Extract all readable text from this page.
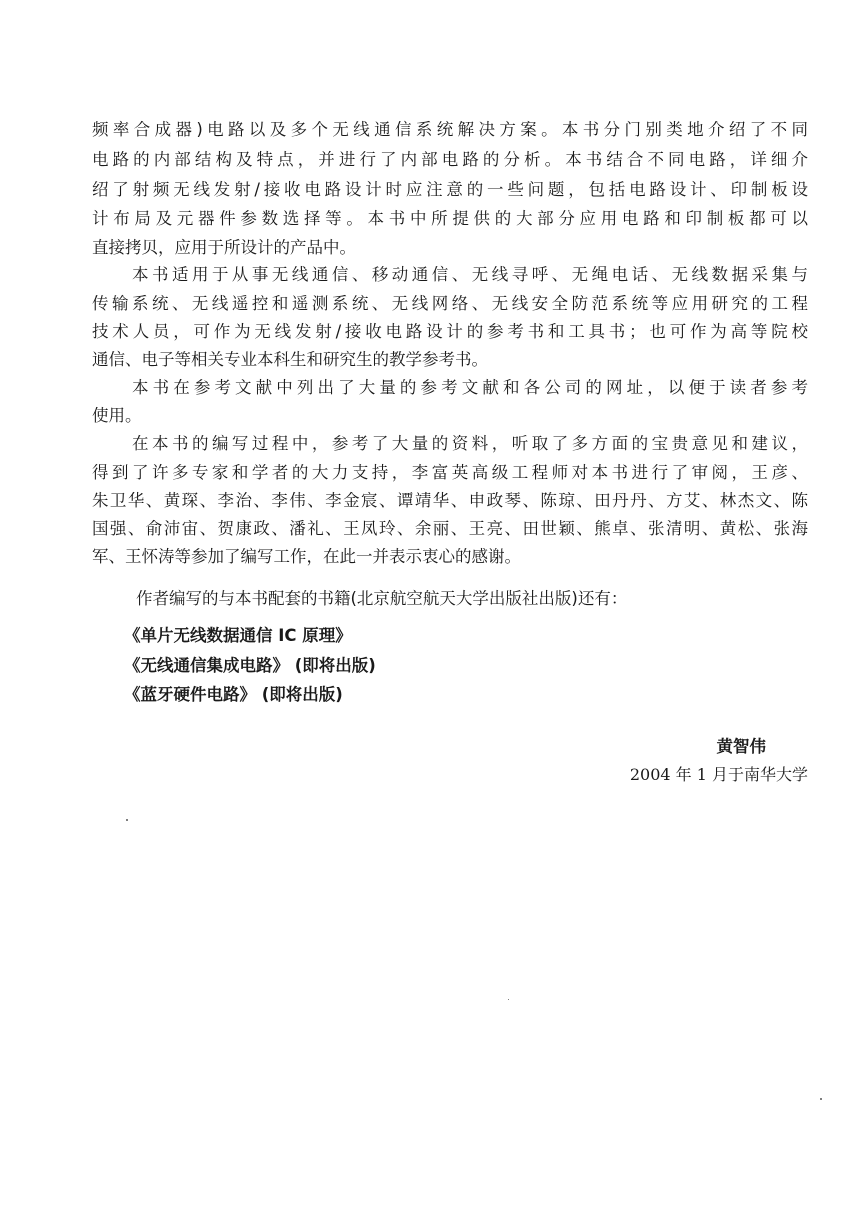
频率合成器)电路以及多个无线通信系统解决方案。本书分门别类地介绍了不同
电路的内部结构及特点，并进行了内部电路的分析。本书结合不同电路，详细介
绍了射频无线发射/接收电路设计时应注意的一些问题，包括电路设计、印制板设
计布局及元器件参数选择等。本书中所提供的大部分应用电路和印制板都可以
直接拷贝，应用于所设计的产品中。
本书适用于从事无线通信、移动通信、无线寻呼、无绳电话、无线数据采集与
传输系统、无线遥控和遥测系统、无线网络、无线安全防范系统等应用研究的工程
技术人员，可作为无线发射/接收电路设计的参考书和工具书；也可作为高等院校
通信、电子等相关专业本科生和研究生的教学参考书。
本书在参考文献中列出了大量的参考文献和各公司的网址，以便于读者参考
使用。
在本书的编写过程中，参考了大量的资料，听取了多方面的宝贵意见和建议，
得到了许多专家和学者的大力支持，李富英高级工程师对本书进行了审阅，王彦、
朱卫华、黄琛、李治、李伟、李金宸、谭靖华、申政琴、陈琼、田丹丹、方艾、林杰文、陈
国强、俞沛宙、贺康政、潘礼、王凤玲、余丽、王亮、田世颖、熊卓、张清明、黄松、张海
军、王怀涛等参加了编写工作，在此一并表示衷心的感谢。
作者编写的与本书配套的书籍(北京航空航天大学出版社出版)还有：
《单片无线数据通信 IC 原理》
《无线通信集成电路》 (即将出版)
《蓝牙硬件电路》 (即将出版)
黄智伟
2004 年 1 月于南华大学
